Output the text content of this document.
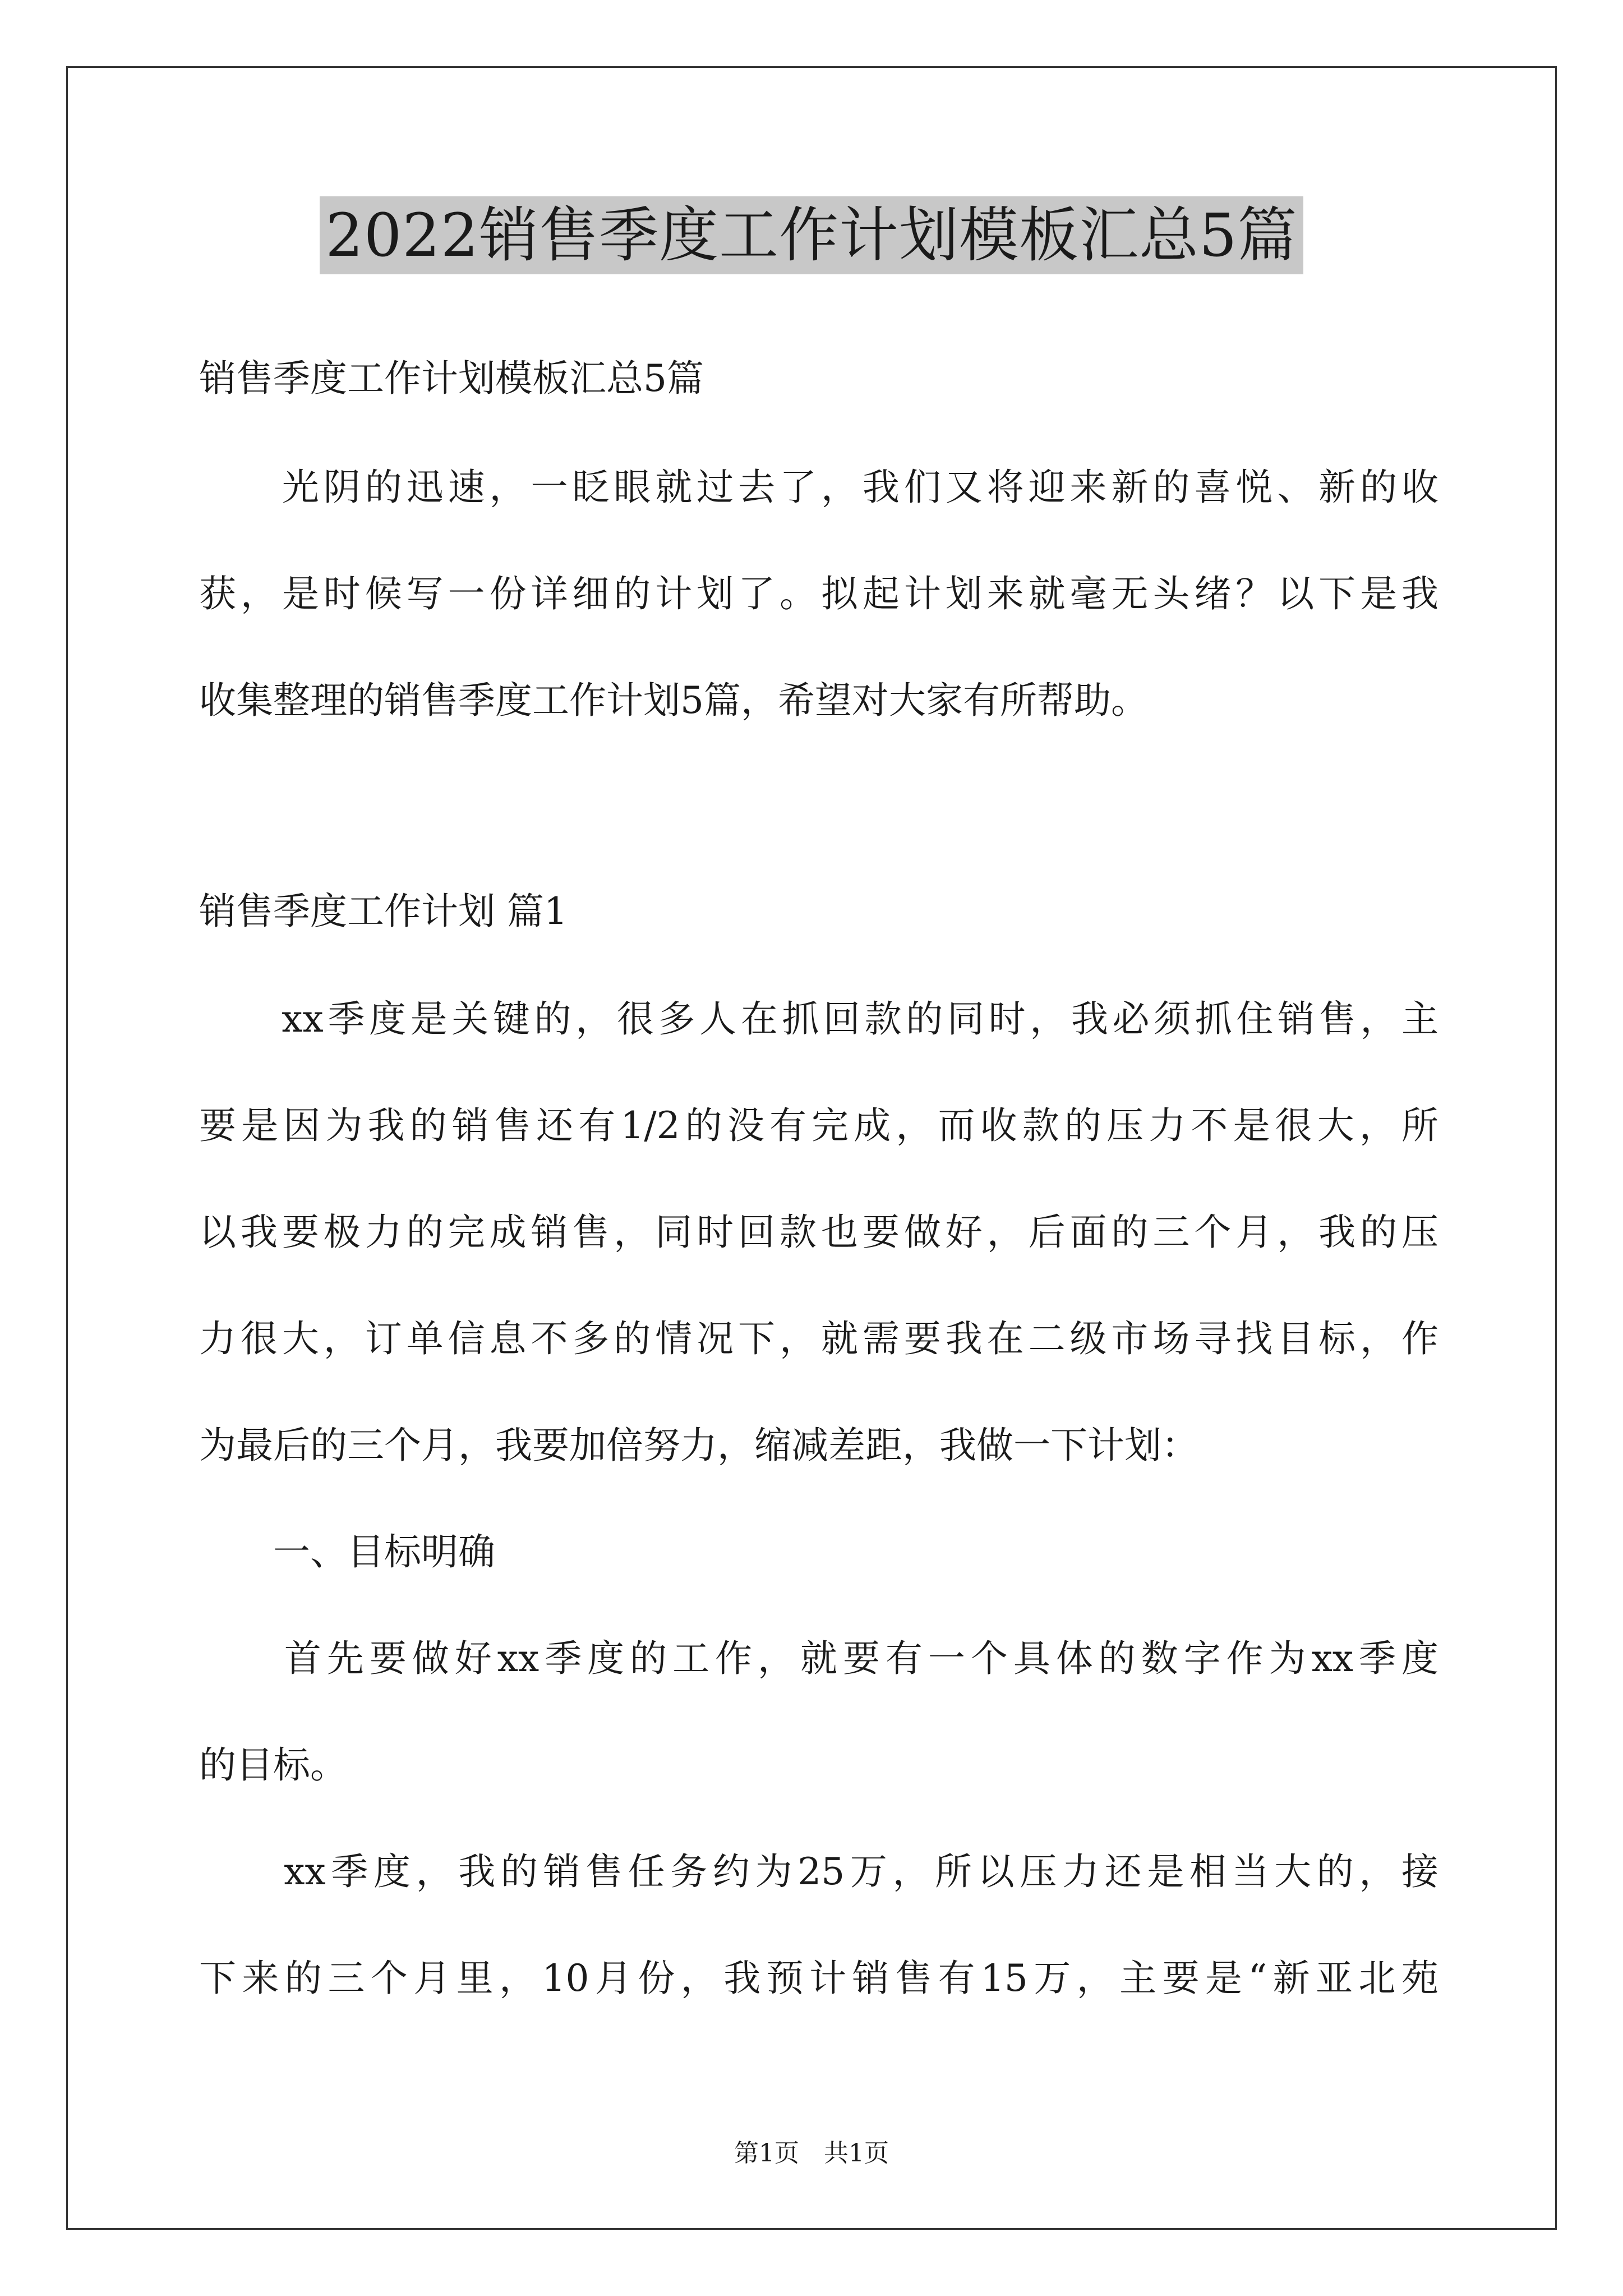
2022销售季度工作计划模板汇总5篇
销售季度工作计划模板汇总5篇
　　光阴的迅速，一眨眼就过去了，我们又将迎来新的喜悦、新的收
获，是时候写一份详细的计划了。拟起计划来就毫无头绪？以下是我
收集整理的销售季度工作计划5篇，希望对大家有所帮助。
销售季度工作计划 篇1
　　xx季度是关键的，很多人在抓回款的同时，我必须抓住销售，主
要是因为我的销售还有1/2的没有完成，而收款的压力不是很大，所
以我要极力的完成销售，同时回款也要做好，后面的三个月，我的压
力很大，订单信息不多的情况下，就需要我在二级市场寻找目标，作
为最后的三个月，我要加倍努力，缩减差距，我做一下计划：
　　一、目标明确
　　首先要做好xx季度的工作，就要有一个具体的数字作为xx季度
的目标。
　　xx季度，我的销售任务约为25万，所以压力还是相当大的，接
下来的三个月里，10月份，我预计销售有15万，主要是“新亚北苑
第1页　共1页
